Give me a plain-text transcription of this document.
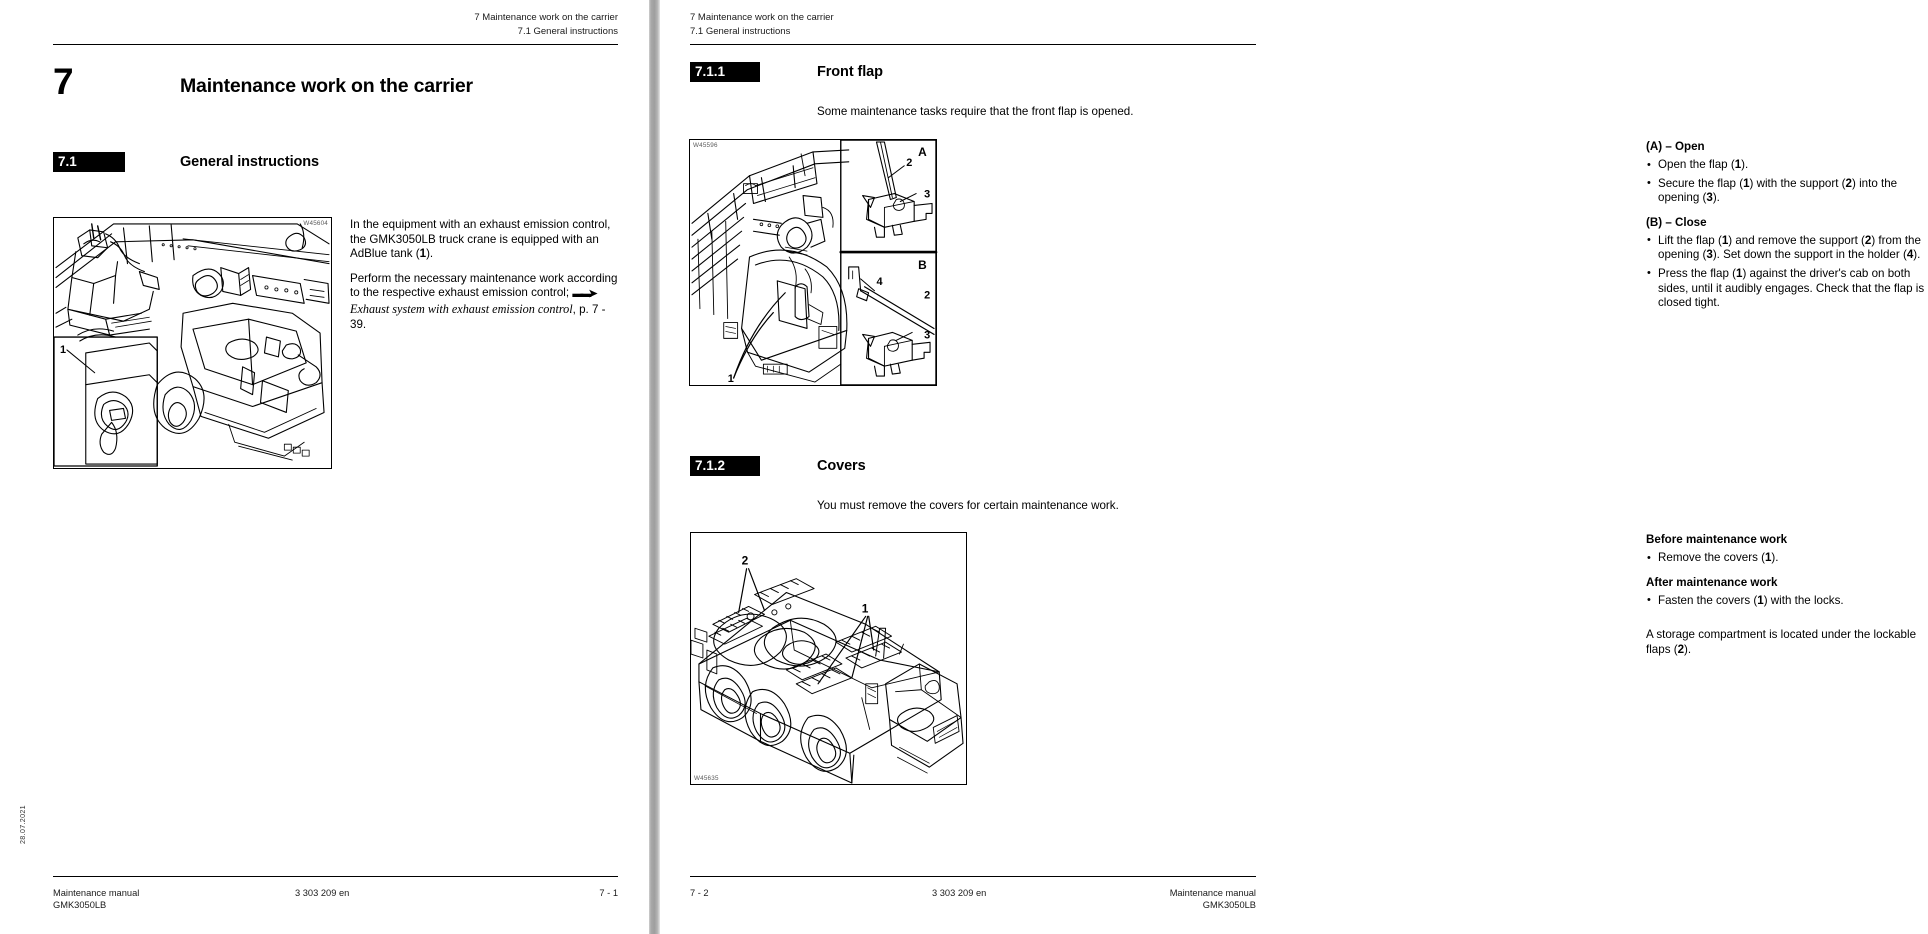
7 Maintenance work on the carrier
7.1 General instructions
7	Maintenance work on the carrier
7.1	General instructions
W45604
1

In the equipment with an exhaust emission control, the GMK3050LB truck crane is equipped with an AdBlue tank (1).

Perform the necessary maintenance work according to the respective exhaust emission control; ▬▬➤ Exhaust system with exhaust emission control, p. 7 - 39.

Maintenance manual
GMK3050LB
3 303 209 en	7 - 1
28.07.2021
7 Maintenance work on the carrier
7.1 General instructions
7.1.1	Front flap

Some maintenance tasks require that the front flap is opened.

W45596	A
B
2
3
4
2
3
1
(A) – Open
• Open the flap (1).
• Secure the flap (1) with the support (2) into the opening (3).
(B) – Close
• Lift the flap (1) and remove the support (2) from the opening (3). Set down the support in the holder (4).
• Press the flap (1) against the driver's cab on both sides, until it audibly engages. Check that the flap is closed tight.
7.1.2	Covers

You must remove the covers for certain maintenance work.

W45635
2
1
Before maintenance work
• Remove the covers (1).
After maintenance work
• Fasten the covers (1) with the locks.

A storage compartment is located under the lockable flaps (2).

7 - 2	3 303 209 en	Maintenance manual
GMK3050LB
